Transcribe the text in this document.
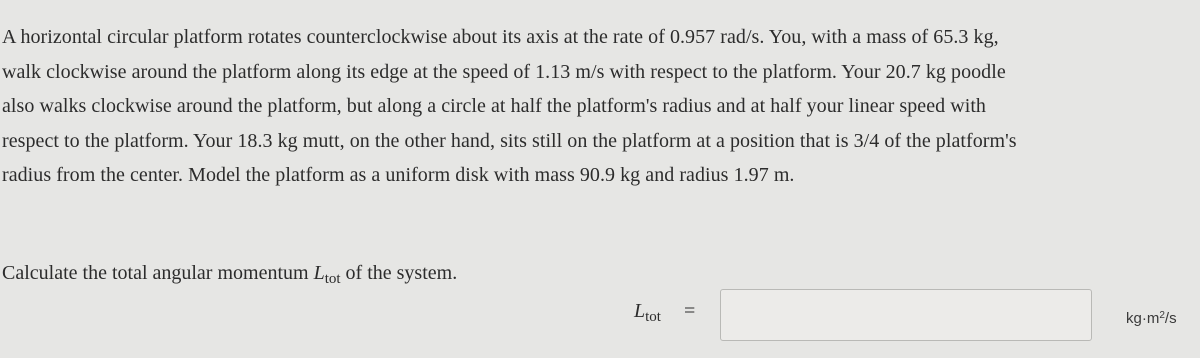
A horizontal circular platform rotates counterclockwise about its axis at the rate of 0.957 rad/s. You, with a mass of 65.3 kg,
walk clockwise around the platform along its edge at the speed of 1.13 m/s with respect to the platform. Your 20.7 kg poodle
also walks clockwise around the platform, but along a circle at half the platform's radius and at half your linear speed with
respect to the platform. Your 18.3 kg mutt, on the other hand, sits still on the platform at a position that is 3/4 of the platform's
radius from the center. Model the platform as a uniform disk with mass 90.9 kg and radius 1.97 m.
Calculate the total angular momentum $L_{tot}$ of the system.
$L_{tot}$ =	$kg\cdot m^2/s$
